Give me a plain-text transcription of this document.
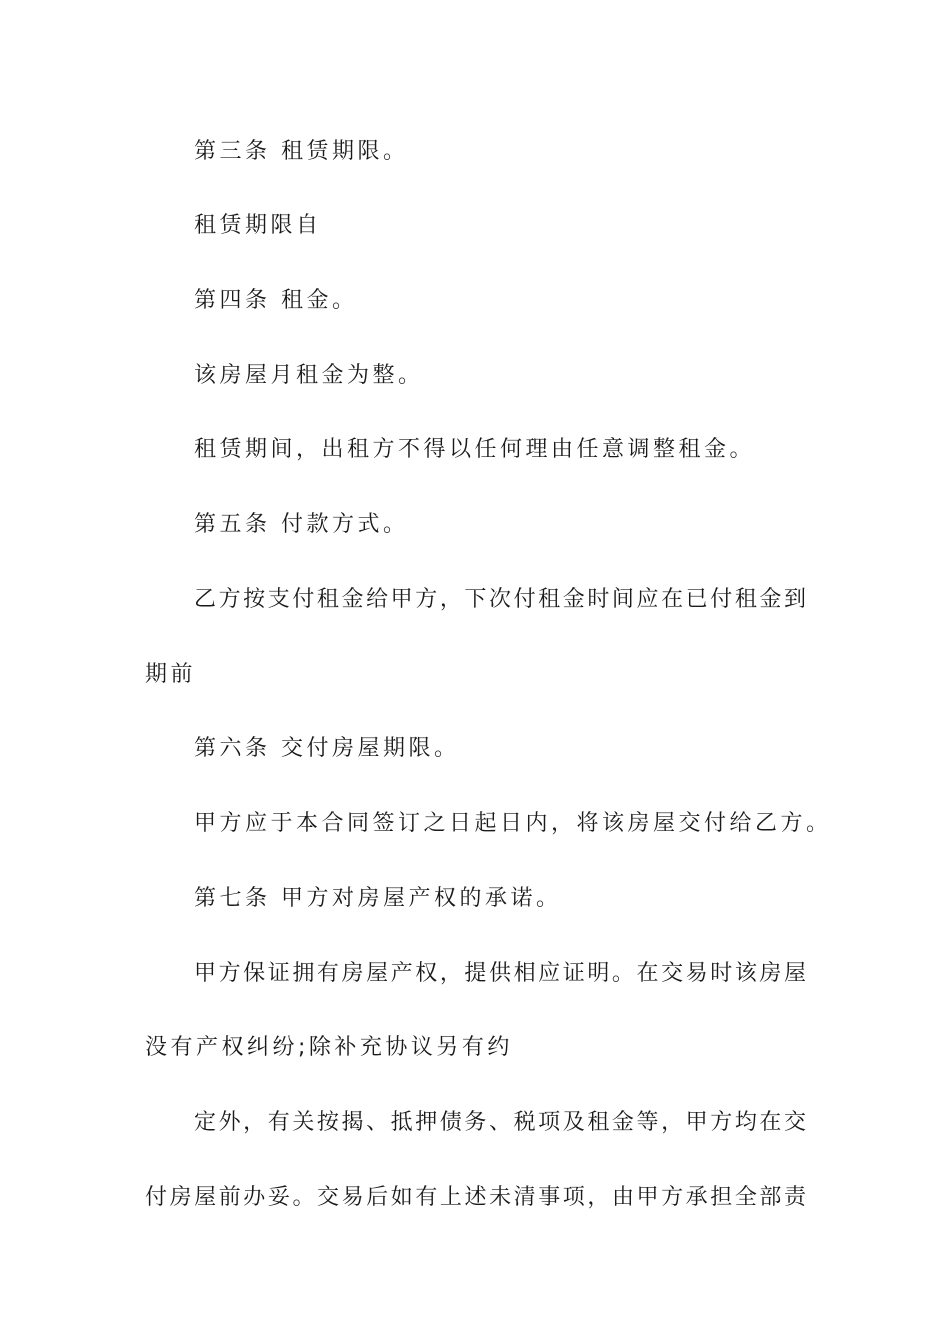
第三条 租赁期限。
租赁期限自
第四条 租金。
该房屋月租金为整。
租赁期间，出租方不得以任何理由任意调整租金。
第五条 付款方式。
乙方按支付租金给甲方，下次付租金时间应在已付租金到
期前
第六条 交付房屋期限。
甲方应于本合同签订之日起日内，将该房屋交付给乙方。
第七条 甲方对房屋产权的承诺。
甲方保证拥有房屋产权，提供相应证明。在交易时该房屋
没有产权纠纷;除补充协议另有约
定外，有关按揭、抵押债务、税项及租金等，甲方均在交
付房屋前办妥。交易后如有上述未清事项，由甲方承担全部责
